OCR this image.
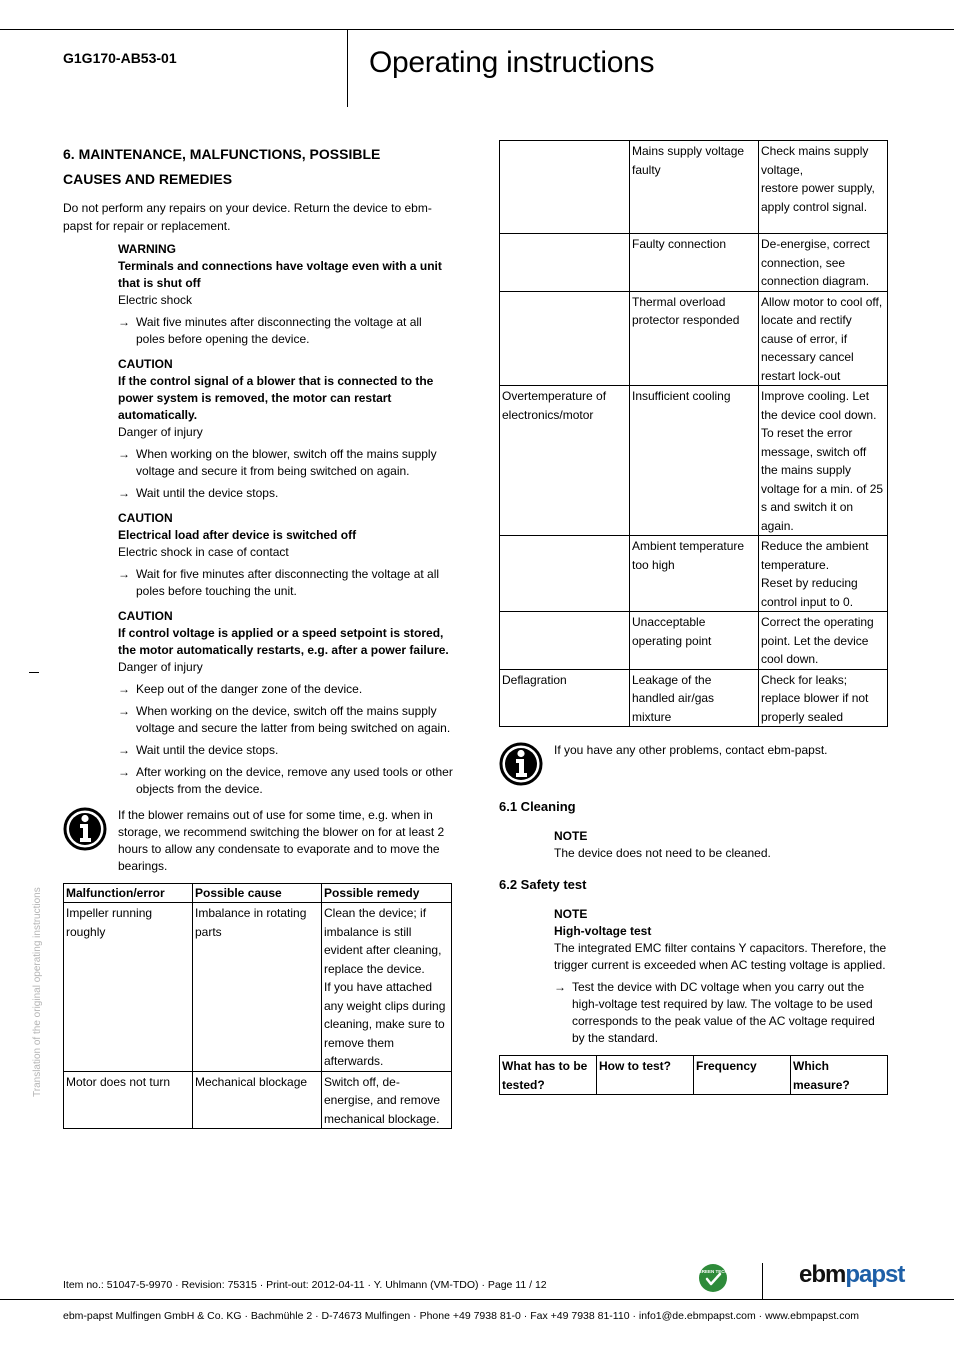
G1G170-AB53-01	Operating instructions
Translation of the original operating instructions
6. MAINTENANCE, MALFUNCTIONS, POSSIBLE
CAUSES AND REMEDIES
Do not perform any repairs on your device. Return the device to ebm-papst for repair or replacement.
WARNING
Terminals and connections have voltage even with a unit that is shut off
Electric shock
→ Wait five minutes after disconnecting the voltage at all poles before opening the device.
CAUTION
If the control signal of a blower that is connected to the power system is removed, the motor can restart automatically.
Danger of injury
→ When working on the blower, switch off the mains supply voltage and secure it from being switched on again.
→ Wait until the device stops.
CAUTION
Electrical load after device is switched off
Electric shock in case of contact
→ Wait for five minutes after disconnecting the voltage at all poles before touching the unit.
CAUTION
If control voltage is applied or a speed setpoint is stored, the motor automatically restarts, e.g. after a power failure.
Danger of injury
→ Keep out of the danger zone of the device.
→ When working on the device, switch off the mains supply voltage and secure the latter from being switched on again.
→ Wait until the device stops.
→ After working on the device, remove any used tools or other objects from the device.
If the blower remains out of use for some time, e.g. when in storage, we recommend switching the blower on for at least 2 hours to allow any condensate to evaporate and to move the bearings.
Malfunction/error	Possible cause	Possible remedy
Impeller running roughly	Imbalance in rotating parts	Clean the device; if imbalance is still evident after cleaning, replace the device.
If you have attached any weight clips during cleaning, make sure to remove them afterwards.
Motor does not turn	Mechanical blockage	Switch off, de-energise, and remove mechanical blockage.
	Mains supply voltage faulty	Check mains supply voltage,
restore power supply,
apply control signal.
	Faulty connection	De-energise, correct connection, see connection diagram.
	Thermal overload protector responded	Allow motor to cool off, locate and rectify cause of error, if necessary cancel restart lock-out
Overtemperature of electronics/motor	Insufficient cooling	Improve cooling. Let the device cool down.
To reset the error message, switch off the mains supply voltage for a min. of 25 s and switch it on again.
	Ambient temperature too high	Reduce the ambient temperature.
Reset by reducing control input to 0.
	Unacceptable operating point	Correct the operating point. Let the device cool down.
Deflagration	Leakage of the handled air/gas mixture	Check for leaks; replace blower if not properly sealed
If you have any other problems, contact ebm-papst.
6.1 Cleaning
NOTE
The device does not need to be cleaned.
6.2 Safety test
NOTE
High-voltage test
The integrated EMC filter contains Y capacitors. Therefore, the trigger current is exceeded when AC testing voltage is applied.
→ Test the device with DC voltage when you carry out the high-voltage test required by law. The voltage to be used corresponds to the peak value of the AC voltage required by the standard.
What has to be tested?	How to test?	Frequency	Which measure?
Item no.: 51047-5-9970 · Revision: 75315 · Print-out: 2012-04-11 · Y. Uhlmann (VM-TDO) · Page 11 / 12
GREEN TECH	ebmpapst
ebm-papst Mulfingen GmbH & Co. KG · Bachmühle 2 · D-74673 Mulfingen · Phone +49 7938 81-0 · Fax +49 7938 81-110 · info1@de.ebmpapst.com · www.ebmpapst.com
